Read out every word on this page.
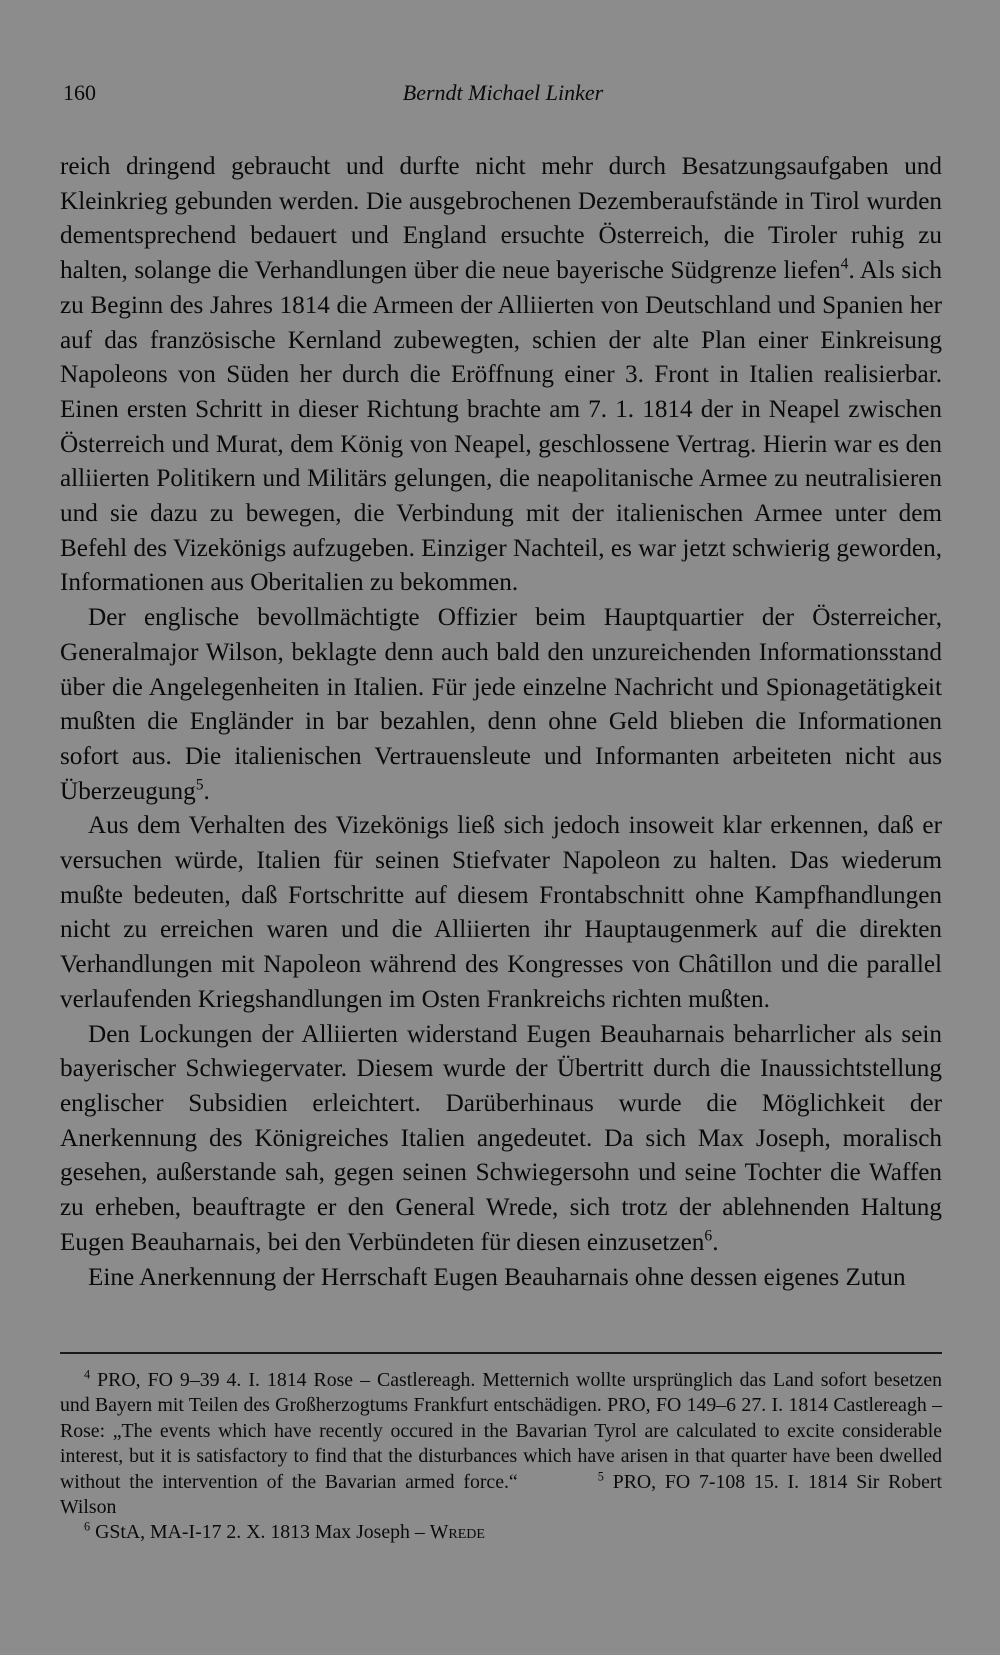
160	Berndt Michael Linker

reich dringend gebraucht und durfte nicht mehr durch Besatzungsaufgaben und Kleinkrieg gebunden werden. Die ausgebrochenen Dezemberaufstände in Tirol wurden dementsprechend bedauert und England ersuchte Österreich, die Tiroler ruhig zu halten, solange die Verhandlungen über die neue bayerische Südgrenze liefen$^4$. Als sich zu Beginn des Jahres 1814 die Armeen der Alliierten von Deutschland und Spanien her auf das französische Kernland zubewegten, schien der alte Plan einer Einkreisung Napoleons von Süden her durch die Eröffnung einer 3. Front in Italien realisierbar. Einen ersten Schritt in dieser Richtung brachte am 7. 1. 1814 der in Neapel zwischen Österreich und Murat, dem König von Neapel, geschlossene Vertrag. Hierin war es den alliierten Politikern und Militärs gelungen, die neapolitanische Armee zu neutralisieren und sie dazu zu bewegen, die Verbindung mit der italienischen Armee unter dem Befehl des Vizekönigs aufzugeben. Einziger Nachteil, es war jetzt schwierig geworden, Informationen aus Oberitalien zu bekommen.

Der englische bevollmächtigte Offizier beim Hauptquartier der Österreicher, Generalmajor Wilson, beklagte denn auch bald den unzureichenden Informationsstand über die Angelegenheiten in Italien. Für jede einzelne Nachricht und Spionagetätigkeit mußten die Engländer in bar bezahlen, denn ohne Geld blieben die Informationen sofort aus. Die italienischen Vertrauensleute und Informanten arbeiteten nicht aus Überzeugung$^5$.

Aus dem Verhalten des Vizekönigs ließ sich jedoch insoweit klar erkennen, daß er versuchen würde, Italien für seinen Stiefvater Napoleon zu halten. Das wiederum mußte bedeuten, daß Fortschritte auf diesem Frontabschnitt ohne Kampfhandlungen nicht zu erreichen waren und die Alliierten ihr Hauptaugenmerk auf die direkten Verhandlungen mit Napoleon während des Kongresses von Châtillon und die parallel verlaufenden Kriegshandlungen im Osten Frankreichs richten mußten.

Den Lockungen der Alliierten widerstand Eugen Beauharnais beharrlicher als sein bayerischer Schwiegervater. Diesem wurde der Übertritt durch die Inaussichtstellung englischer Subsidien erleichtert. Darüberhinaus wurde die Möglichkeit der Anerkennung des Königreiches Italien angedeutet. Da sich Max Joseph, moralisch gesehen, außerstande sah, gegen seinen Schwiegersohn und seine Tochter die Waffen zu erheben, beauftragte er den General Wrede, sich trotz der ablehnenden Haltung Eugen Beauharnais, bei den Verbündeten für diesen einzusetzen$^6$.

Eine Anerkennung der Herrschaft Eugen Beauharnais ohne dessen eigenes Zutun

$^4$ PRO, FO 9–39 4. I. 1814 Rose – Castlereagh. Metternich wollte ursprünglich das Land sofort besetzen und Bayern mit Teilen des Großherzogtums Frankfurt entschädigen. PRO, FO 149–6 27. I. 1814 Castlereagh – Rose: „The events which have recently occured in the Bavarian Tyrol are calculated to excite considerable interest, but it is satisfactory to find that the disturbances which have arisen in that quarter have been dwelled without the intervention of the Bavarian armed force.“	$^5$ PRO, FO 7-108 15. I. 1814 Sir Robert Wilson

$^6$ GStA, MA-I-17 2. X. 1813 Max Joseph – Wrede
